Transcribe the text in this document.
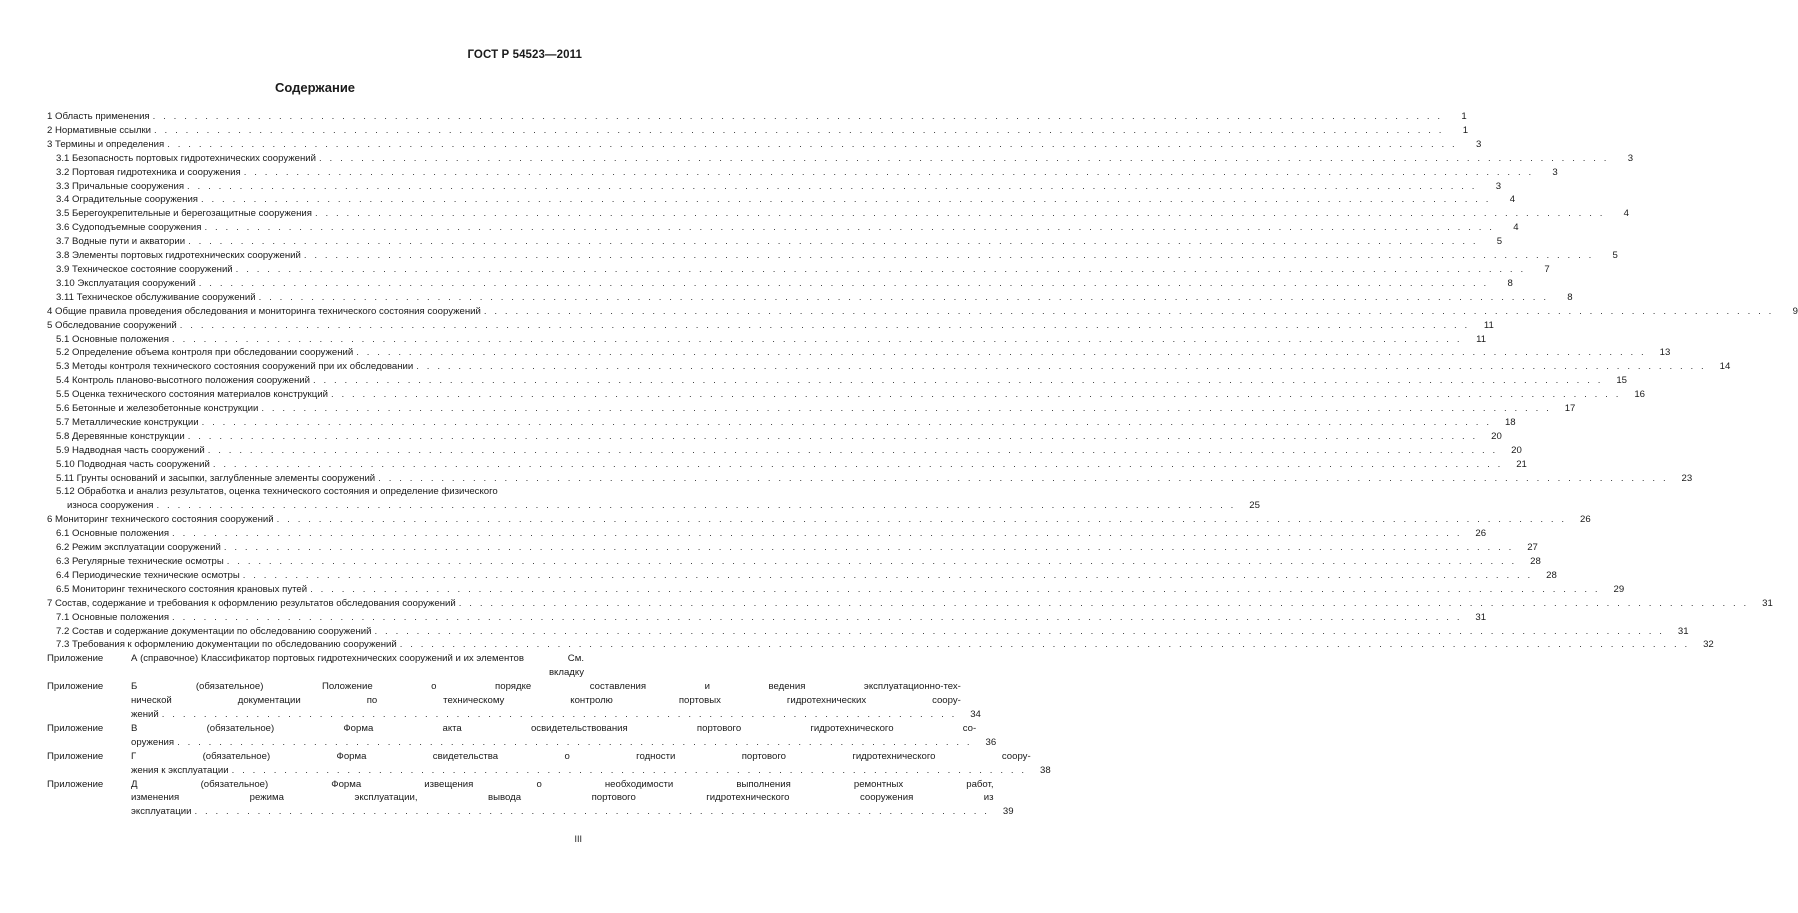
ГОСТ Р 54523—2011
Содержание
1 Область применения . . .	1
2 Нормативные ссылки . . .	1
3 Термины и определения . . .	3
3.1 Безопасность портовых гидротехнических сооружений . . .	3
3.2 Портовая гидротехника и сооружения . . .	3
3.3 Причальные сооружения . . .	3
3.4 Оградительные сооружения . . .	4
3.5 Берегоукрепительные и берегозащитные сооружения . . .	4
3.6 Судоподъемные сооружения . . .	4
3.7 Водные пути и акватории . . .	5
3.8 Элементы портовых гидротехнических сооружений . . .	5
3.9 Техническое состояние сооружений . . .	7
3.10 Эксплуатация сооружений . . .	8
3.11 Техническое обслуживание сооружений . . .	8
4 Общие правила проведения обследования и мониторинга технического состояния сооружений . . .	9
5 Обследование сооружений . . .	11
5.1 Основные положения . . .	11
5.2 Определение объема контроля при обследовании сооружений . . .	13
5.3 Методы контроля технического состояния сооружений при их обследовании . . .	14
5.4 Контроль планово-высотного положения сооружений . . .	15
5.5 Оценка технического состояния материалов конструкций . . .	16
5.6 Бетонные и железобетонные конструкции . . .	17
5.7 Металлические конструкции . . .	18
5.8 Деревянные конструкции . . .	20
5.9 Надводная часть сооружений . . .	20
5.10 Подводная часть сооружений . . .	21
5.11 Грунты оснований и засыпки, заглубленные элементы сооружений . . .	23
5.12 Обработка и анализ результатов, оценка технического состояния и определение физического
износа сооружения . . .	25
6 Мониторинг технического состояния сооружений . . .	26
6.1 Основные положения . . .	26
6.2 Режим эксплуатации сооружений . . .	27
6.3 Регулярные технические осмотры . . .	28
6.4 Периодические технические осмотры . . .	28
6.5 Мониторинг технического состояния крановых путей . . .	29
7 Состав, содержание и требования к оформлению результатов обследования сооружений . . .	31
7.1 Основные положения . . .	31
7.2 Состав и содержание документации по обследованию сооружений . . .	31
7.3 Требования к оформлению документации по обследованию сооружений . . .	32
Приложение	А (справочное) Классификатор портовых гидротехнических сооружений и их элементов	См.
вкладку
Приложение	Б (обязательное) Положение о порядке составления и ведения эксплуатационно-тех-
нической документации по техническому контролю портовых гидротехнических соору-
жений . . .	34
Приложение	В (обязательное) Форма акта освидетельствования портового гидротехнического со-
оружения . . .	36
Приложение	Г (обязательное) Форма свидетельства о годности портового гидротехнического соору-
жения к эксплуатации . . .	38
Приложение	Д (обязательное) Форма извещения о необходимости выполнения ремонтных работ,
изменения режима эксплуатации, вывода портового гидротехнического сооружения из
эксплуатации . . .	39
III
